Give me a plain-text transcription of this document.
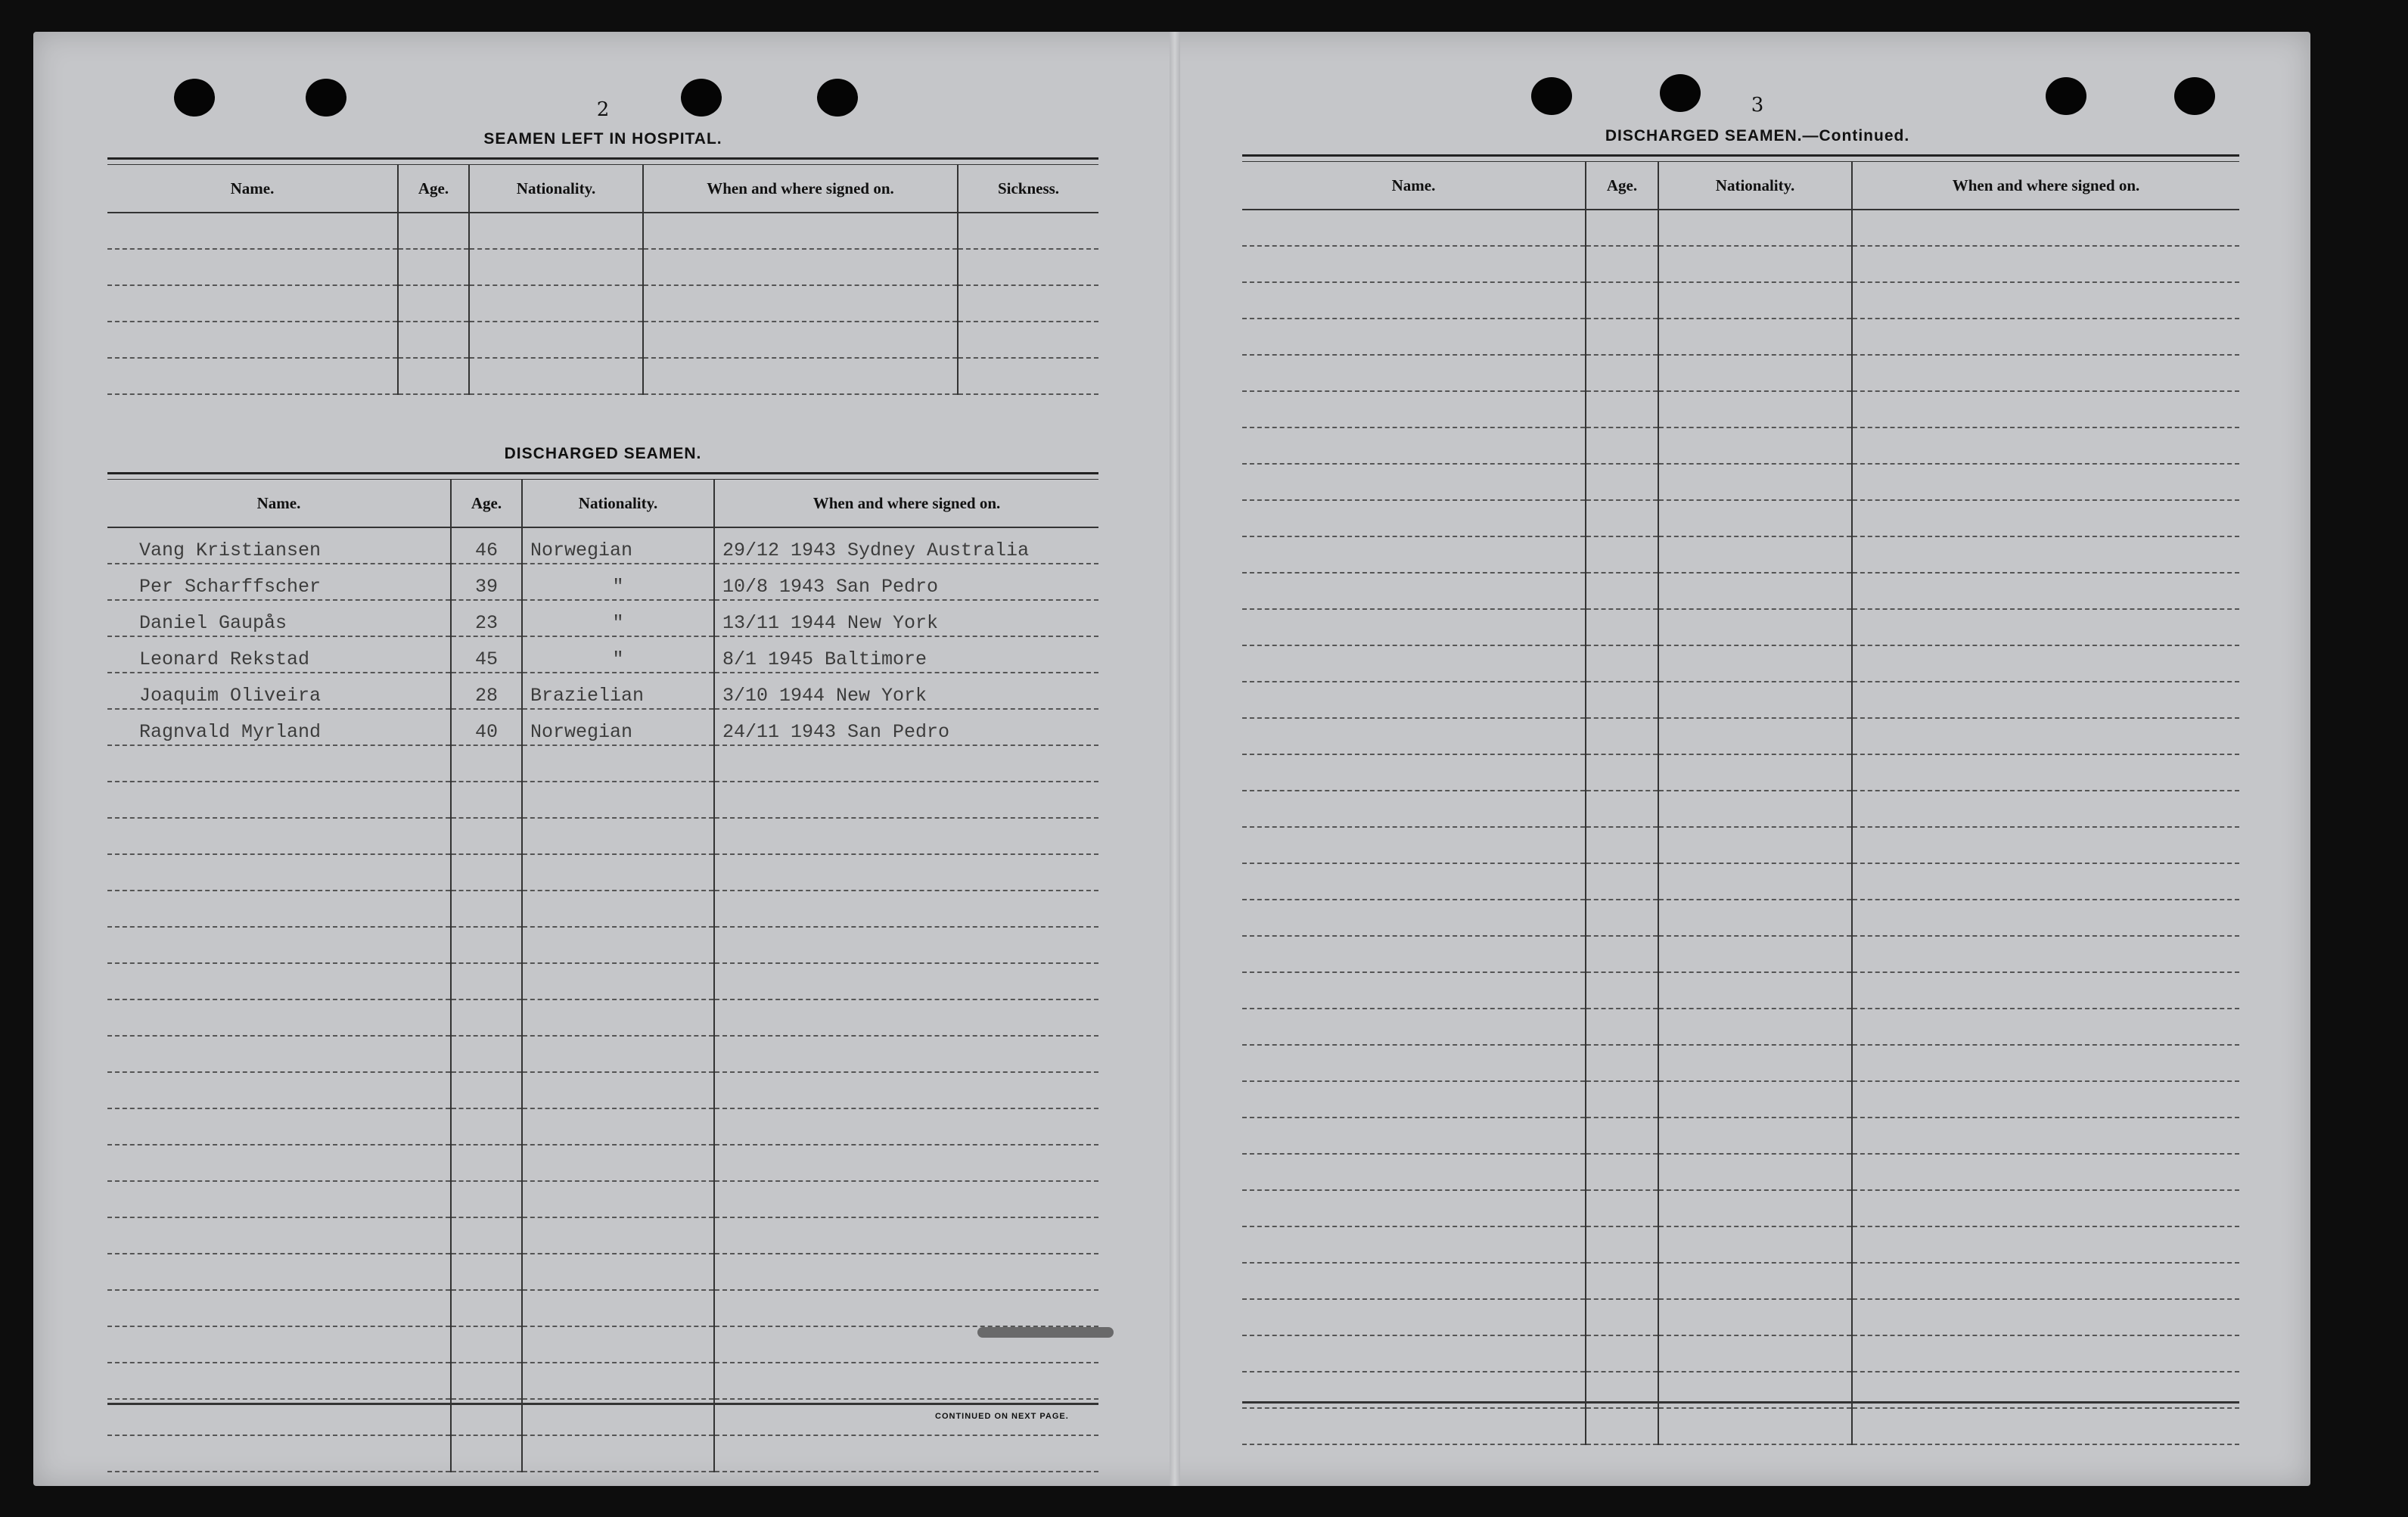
2
SEAMEN LEFT IN HOSPITAL.
Name.	Age.	Nationality.	When and where signed on.	Sickness.

DISCHARGED SEAMEN.
Name.	Age.	Nationality.	When and where signed on.
Vang Kristiansen	46	Norwegian	29/12 1943 Sydney Australia
Per Scharffscher	39	"	10/8 1943 San Pedro
Daniel Gaupås	23	"	13/11 1944 New York
Leonard Rekstad	45	"	8/1 1945 Baltimore
Joaquim Oliveira	28	Brazielian	3/10 1944 New York
Ragnvald Myrland	40	Norwegian	24/11 1943 San Pedro

CONTINUED ON NEXT PAGE.
3
DISCHARGED SEAMEN.—Continued.
Name.	Age.	Nationality.	When and where signed on.
